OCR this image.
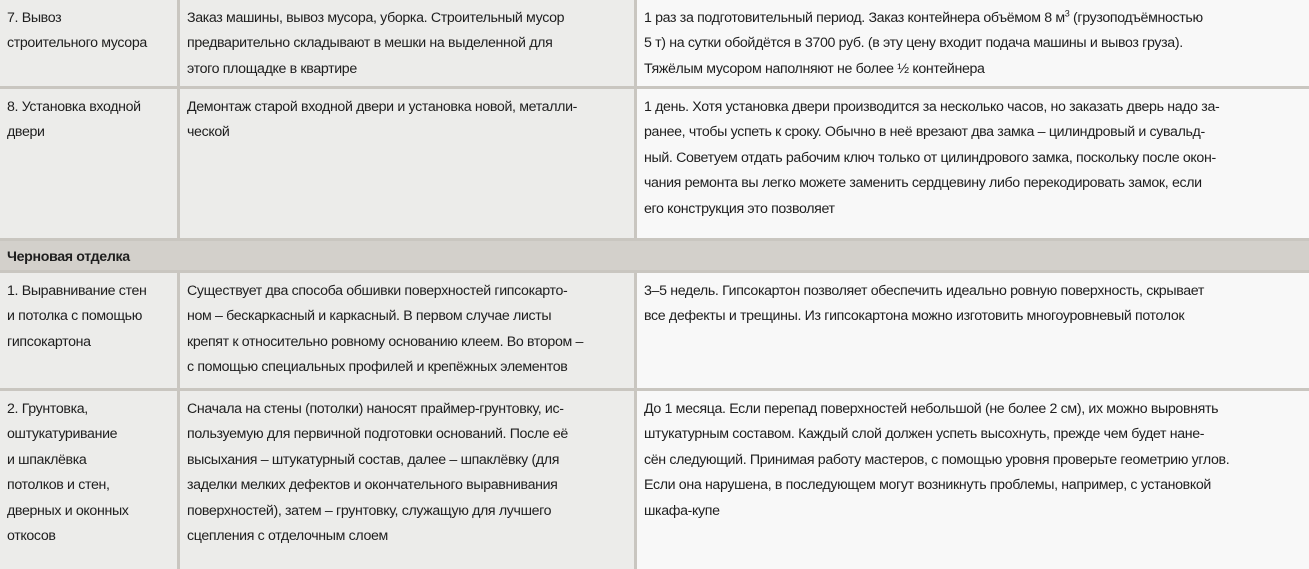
7. Вывоз
строительного мусора
Заказ машины, вывоз мусора, уборка. Строительный мусор
предварительно складывают в мешки на выделенной для
этого площадке в квартире
1 раз за подготовительный период. Заказ контейнера объёмом 8 $м^3$ (грузоподъёмностью
5 т) на сутки обойдётся в 3700 руб. (в эту цену входит подача машины и вывоз груза).
Тяжёлым мусором наполняют не более ½ контейнера
8. Установка входной
двери
Демонтаж старой входной двери и установка новой, металли-
ческой
1 день. Хотя установка двери производится за несколько часов, но заказать дверь надо за-
ранее, чтобы успеть к сроку. Обычно в неё врезают два замка – цилиндровый и сувальд-
ный. Советуем отдать рабочим ключ только от цилиндрового замка, поскольку после окон-
чания ремонта вы легко можете заменить сердцевину либо перекодировать замок, если
его конструкция это позволяет
Черновая отделка
1. Выравнивание стен
и потолка с помощью
гипсокартона
Существует два способа обшивки поверхностей гипсокарто-
ном – бескаркасный и каркасный. В первом случае листы
крепят к относительно ровному основанию клеем. Во втором –
с помощью специальных профилей и крепёжных элементов
3–5 недель. Гипсокартон позволяет обеспечить идеально ровную поверхность, скрывает
все дефекты и трещины. Из гипсокартона можно изготовить многоуровневый потолок
2. Грунтовка,
оштукатуривание
и шпаклёвка
потолков и стен,
дверных и оконных
откосов
Сначала на стены (потолки) наносят праймер-грунтовку, ис-
пользуемую для первичной подготовки оснований. После её
высыхания – штукатурный состав, далее – шпаклёвку (для
заделки мелких дефектов и окончательного выравнивания
поверхностей), затем – грунтовку, служащую для лучшего
сцепления с отделочным слоем
До 1 месяца. Если перепад поверхностей небольшой (не более 2 см), их можно выровнять
штукатурным составом. Каждый слой должен успеть высохнуть, прежде чем будет нане-
сён следующий. Принимая работу мастеров, с помощью уровня проверьте геометрию углов.
Если она нарушена, в последующем могут возникнуть проблемы, например, с установкой
шкафа-купе
